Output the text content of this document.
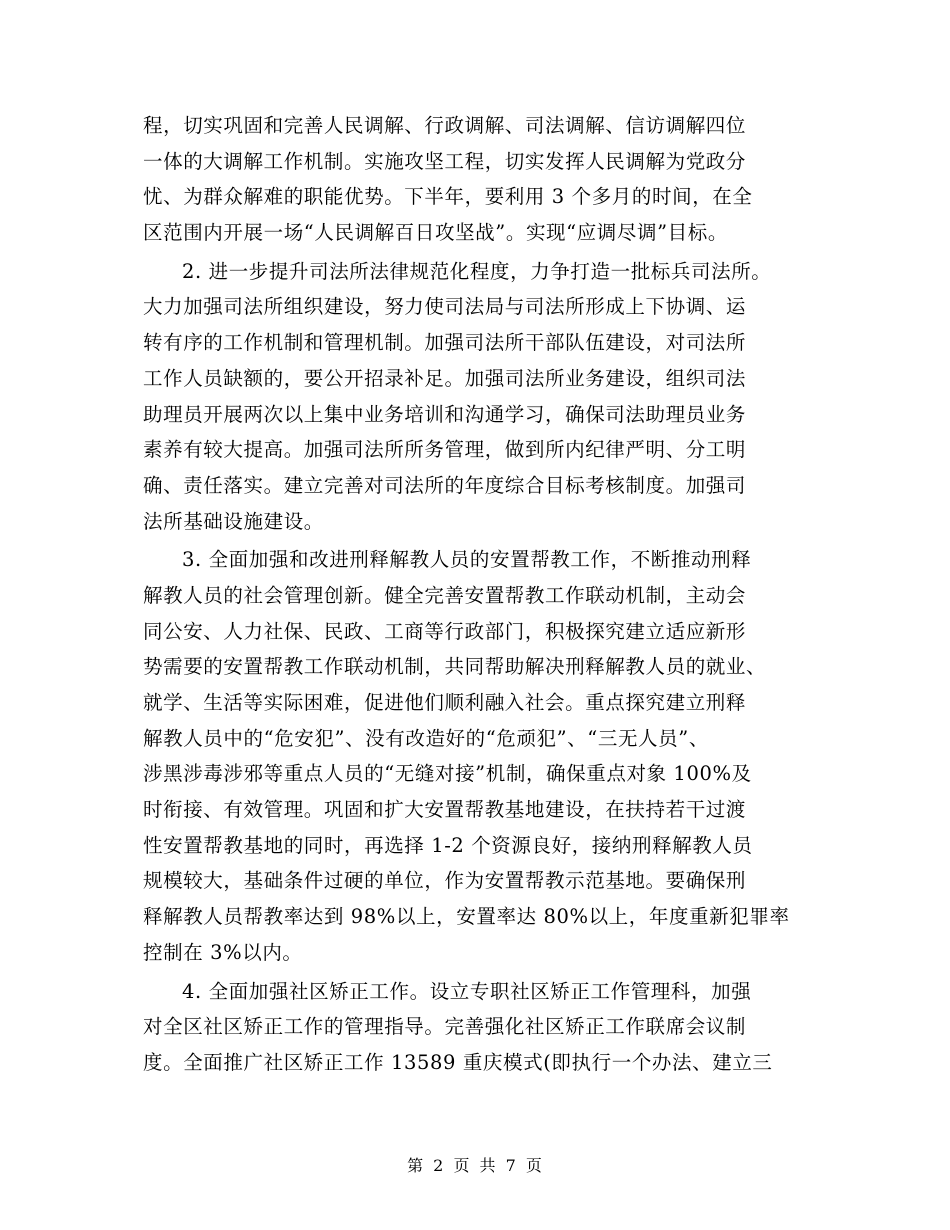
程，切实巩固和完善人民调解、行政调解、司法调解、信访调解四位
一体的大调解工作机制。实施攻坚工程，切实发挥人民调解为党政分
忧、为群众解难的职能优势。下半年，要利用 3 个多月的时间，在全
区范围内开展一场“人民调解百日攻坚战”。实现“应调尽调”目标。
2. 进一步提升司法所法律规范化程度，力争打造一批标兵司法所。
大力加强司法所组织建设，努力使司法局与司法所形成上下协调、运
转有序的工作机制和管理机制。加强司法所干部队伍建设，对司法所
工作人员缺额的，要公开招录补足。加强司法所业务建设，组织司法
助理员开展两次以上集中业务培训和沟通学习，确保司法助理员业务
素养有较大提高。加强司法所所务管理，做到所内纪律严明、分工明
确、责任落实。建立完善对司法所的年度综合目标考核制度。加强司
法所基础设施建设。
3. 全面加强和改进刑释解教人员的安置帮教工作，不断推动刑释
解教人员的社会管理创新。健全完善安置帮教工作联动机制，主动会
同公安、人力社保、民政、工商等行政部门，积极探究建立适应新形
势需要的安置帮教工作联动机制，共同帮助解决刑释解教人员的就业、
就学、生活等实际困难，促进他们顺利融入社会。重点探究建立刑释
解教人员中的“危安犯”、没有改造好的“危顽犯”、“三无人员”、
涉黑涉毒涉邪等重点人员的“无缝对接”机制，确保重点对象 100%及
时衔接、有效管理。巩固和扩大安置帮教基地建设，在扶持若干过渡
性安置帮教基地的同时，再选择 1-2 个资源良好，接纳刑释解教人员
规模较大，基础条件过硬的单位，作为安置帮教示范基地。要确保刑
释解教人员帮教率达到 98%以上，安置率达 80%以上，年度重新犯罪率
控制在 3%以内。
4. 全面加强社区矫正工作。设立专职社区矫正工作管理科，加强
对全区社区矫正工作的管理指导。完善强化社区矫正工作联席会议制
度。全面推广社区矫正工作 13589 重庆模式(即执行一个办法、建立三
第 2 页 共 7 页
